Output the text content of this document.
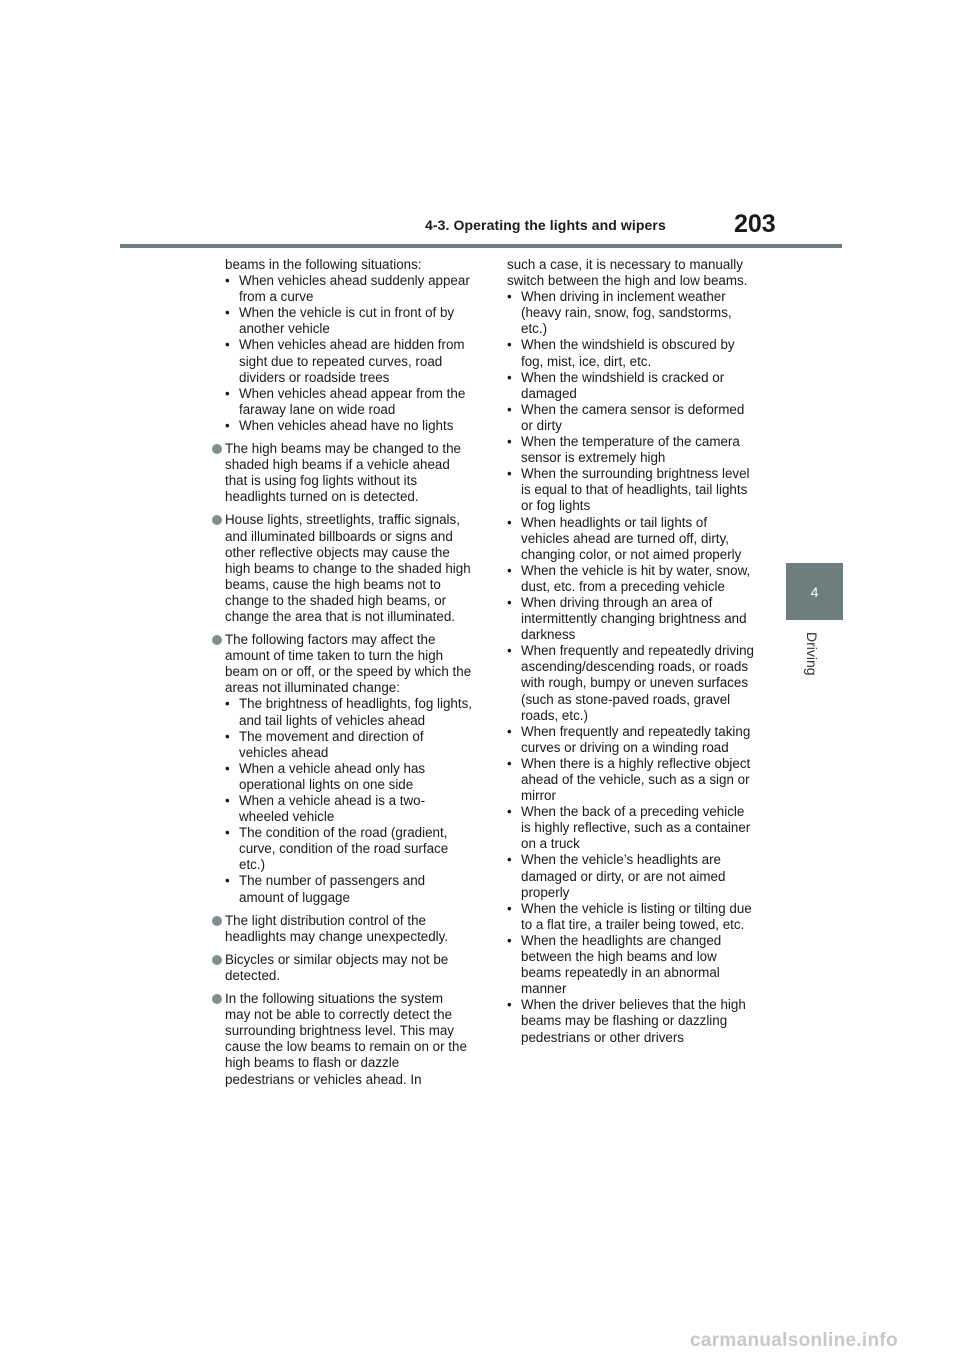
4-3. Operating the lights and wipers	203
4
Driving
beams in the following situations:
• When vehicles ahead suddenly appear from a curve
• When the vehicle is cut in front of by another vehicle
• When vehicles ahead are hidden from sight due to repeated curves, road dividers or roadside trees
• When vehicles ahead appear from the faraway lane on wide road
• When vehicles ahead have no lights
The high beams may be changed to the shaded high beams if a vehicle ahead that is using fog lights without its headlights turned on is detected.
House lights, streetlights, traffic signals, and illuminated billboards or signs and other reflective objects may cause the high beams to change to the shaded high beams, cause the high beams not to change to the shaded high beams, or change the area that is not illuminated.
The following factors may affect the amount of time taken to turn the high beam on or off, or the speed by which the areas not illuminated change:
• The brightness of headlights, fog lights, and tail lights of vehicles ahead
• The movement and direction of vehicles ahead
• When a vehicle ahead only has operational lights on one side
• When a vehicle ahead is a two-wheeled vehicle
• The condition of the road (gradient, curve, condition of the road surface etc.)
• The number of passengers and amount of luggage
The light distribution control of the headlights may change unexpectedly.
Bicycles or similar objects may not be detected.
In the following situations the system may not be able to correctly detect the surrounding brightness level. This may cause the low beams to remain on or the high beams to flash or dazzle pedestrians or vehicles ahead. In
such a case, it is necessary to manually switch between the high and low beams.
• When driving in inclement weather (heavy rain, snow, fog, sandstorms, etc.)
• When the windshield is obscured by fog, mist, ice, dirt, etc.
• When the windshield is cracked or damaged
• When the camera sensor is deformed or dirty
• When the temperature of the camera sensor is extremely high
• When the surrounding brightness level is equal to that of headlights, tail lights or fog lights
• When headlights or tail lights of vehicles ahead are turned off, dirty, changing color, or not aimed properly
• When the vehicle is hit by water, snow, dust, etc. from a preceding vehicle
• When driving through an area of intermittently changing brightness and darkness
• When frequently and repeatedly driving ascending/descending roads, or roads with rough, bumpy or uneven surfaces (such as stone-paved roads, gravel roads, etc.)
• When frequently and repeatedly taking curves or driving on a winding road
• When there is a highly reflective object ahead of the vehicle, such as a sign or mirror
• When the back of a preceding vehicle is highly reflective, such as a container on a truck
• When the vehicle’s headlights are damaged or dirty, or are not aimed properly
• When the vehicle is listing or tilting due to a flat tire, a trailer being towed, etc.
• When the headlights are changed between the high beams and low beams repeatedly in an abnormal manner
• When the driver believes that the high beams may be flashing or dazzling pedestrians or other drivers
carmanualsonline.info
